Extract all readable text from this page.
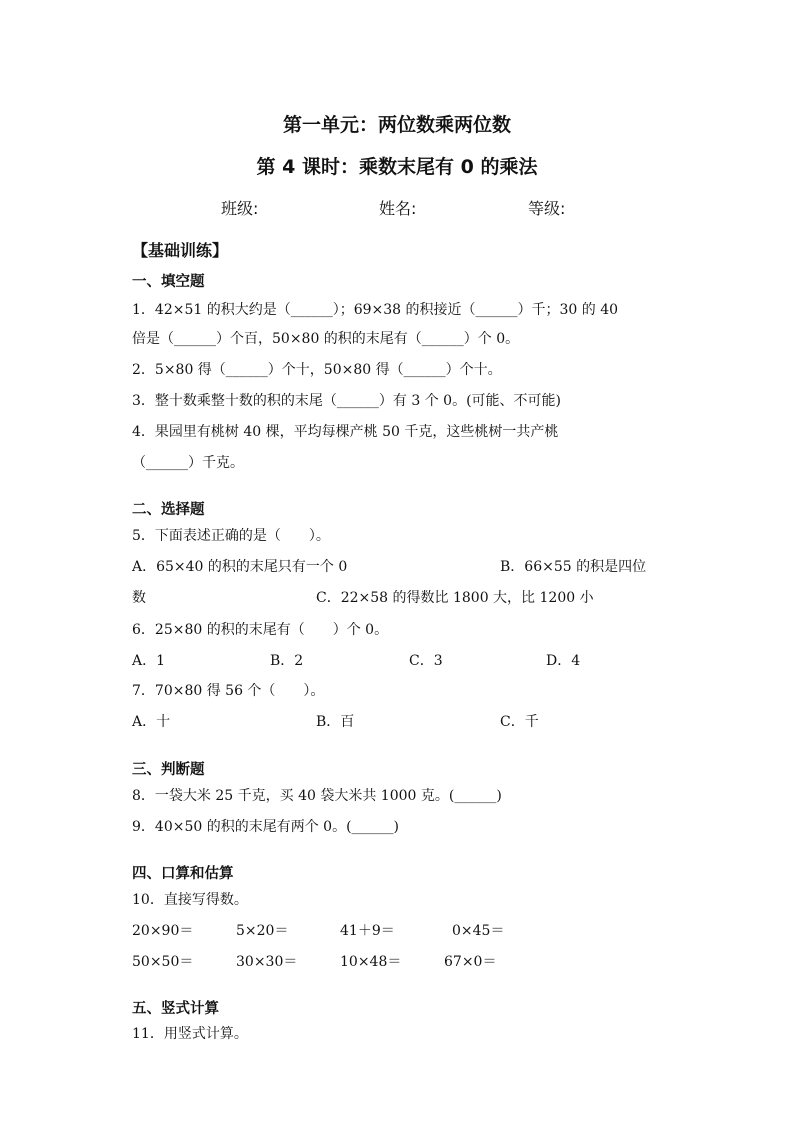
第一单元：两位数乘两位数
第 4 课时：乘数末尾有 0 的乘法
班级:	姓名:	等级:
【基础训练】
一、填空题
1．42×51 的积大约是（______）；69×38 的积接近（______）千；30 的 40
倍是（______）个百，50×80 的积的末尾有（______）个 0。
2．5×80 得（______）个十，50×80 得（______）个十。
3．整十数乘整十数的积的末尾（______）有 3 个 0。(可能、不可能)
4．果园里有桃树 40 棵，平均每棵产桃 50 千克，这些桃树一共产桃
（______）千克。
二、选择题
5．下面表述正确的是（　　）。
A．65×40 的积的末尾只有一个 0	B．66×55 的积是四位
数	C．22×58 的得数比 1800 大，比 1200 小
6．25×80 的积的末尾有（　　）个 0。
A．1	B．2	C．3	D．4
7．70×80 得 56 个（　　）。
A．十	B．百	C．千
三、判断题
8．一袋大米 25 千克，买 40 袋大米共 1000 克。(______)
9．40×50 的积的末尾有两个 0。(______)
四、口算和估算
10．直接写得数。
20×90＝	5×20＝	41＋9＝	0×45＝
50×50＝	30×30＝	10×48＝	67×0＝
五、竖式计算
11．用竖式计算。
